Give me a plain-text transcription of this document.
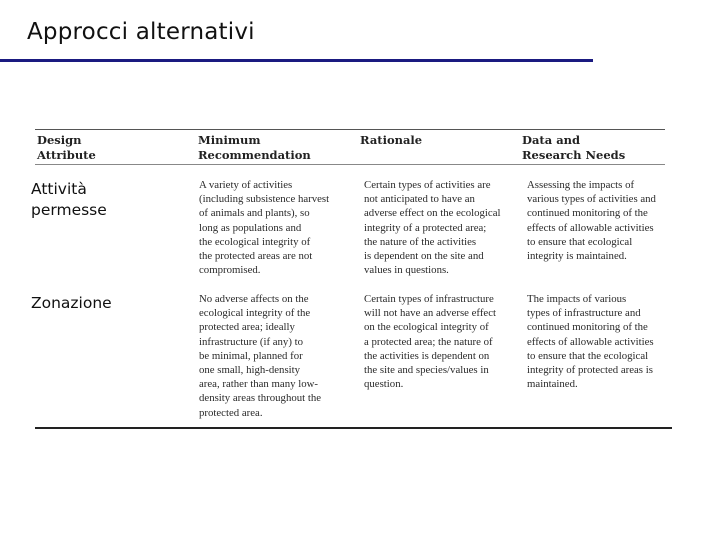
Approcci alternativi
Design
Attribute
Minimum
Recommendation
Rationale	Data and
Research Needs
Attività
permesse
A variety of activities
(including subsistence harvest
of animals and plants), so
long as populations and
the ecological integrity of
the protected areas are not
compromised.
Certain types of activities are
not anticipated to have an
adverse effect on the ecological
integrity of a protected area;
the nature of the activities
is dependent on the site and
values in questions.
Assessing the impacts of
various types of activities and
continued monitoring of the
effects of allowable activities
to ensure that ecological
integrity is maintained.
Zonazione	No adverse affects on the
ecological integrity of the
protected area; ideally
infrastructure (if any) to
be minimal, planned for
one small, high-density
area, rather than many low-
density areas throughout the
protected area.
Certain types of infrastructure
will not have an adverse effect
on the ecological integrity of
a protected area; the nature of
the activities is dependent on
the site and species/values in
question.
The impacts of various
types of infrastructure and
continued monitoring of the
effects of allowable activities
to ensure that the ecological
integrity of protected areas is
maintained.
